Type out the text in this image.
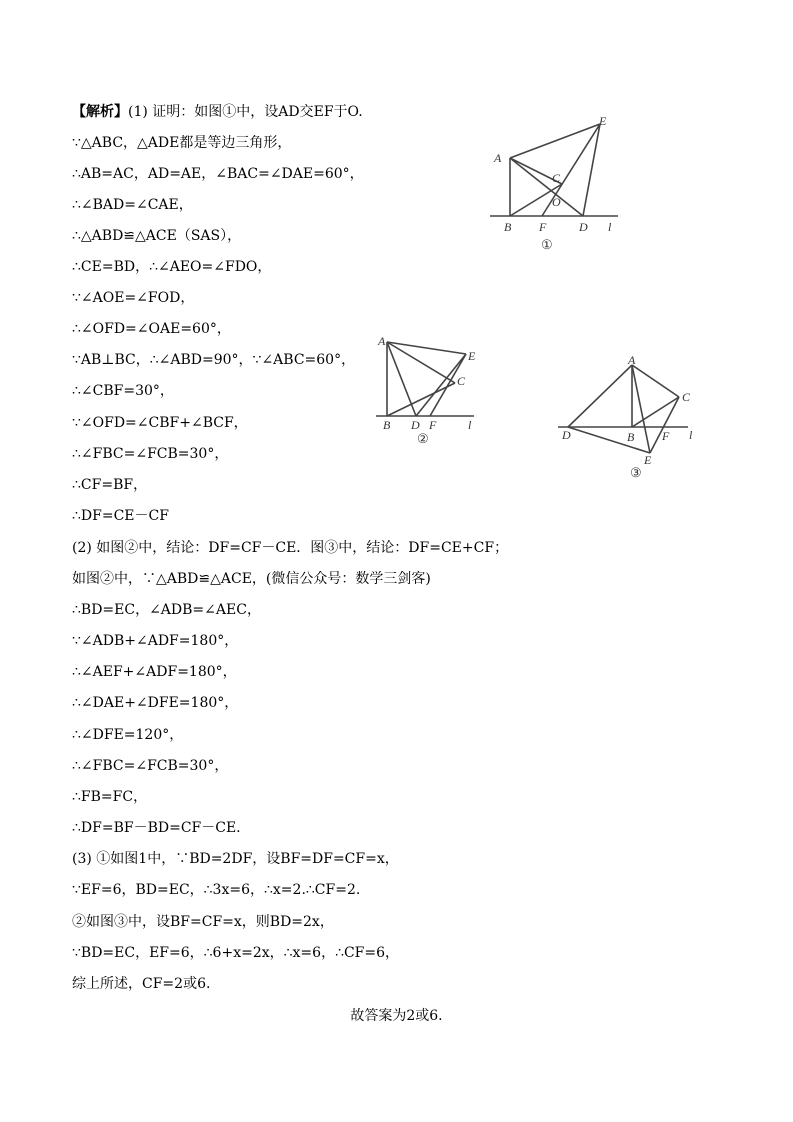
【解析】(1) 证明：如图①中，设AD交EF于O.
∵△ABC，△ADE都是等边三角形，
∴AB=AC，AD=AE，∠BAC=∠DAE=60°，
∴∠BAD=∠CAE，
∴△ABD≌△ACE（SAS），
∴CE=BD，∴∠AEO=∠FDO，
∵∠AOE=∠FOD，
∴∠OFD=∠OAE=60°，
∵AB⊥BC，∴∠ABD=90°，∵∠ABC=60°，
∴∠CBF=30°，
∵∠OFD=∠CBF+∠BCF，
∴∠FBC=∠FCB=30°，
∴CF=BF，
∴DF=CE－CF
(2) 如图②中，结论：DF=CF－CE．图③中，结论：DF=CE+CF；
如图②中，∵△ABD≌△ACE，(微信公众号：数学三剑客)
∴BD=EC，∠ADB=∠AEC，
∵∠ADB+∠ADF=180°，
∴∠AEF+∠ADF=180°，
∴∠DAE+∠DFE=180°，
∴∠DFE=120°，
∴∠FBC=∠FCB=30°，
∴FB=FC，
∴DF=BF－BD=CF－CE.
(3) ①如图1中，∵BD=2DF，设BF=DF=CF=x，
∵EF=6，BD=EC，∴3x=6，∴x=2.∴CF=2.
②如图③中，设BF=CF=x，则BD=2x，
∵BD=EC，EF=6，∴6+x=2x，∴x=6，∴CF=6，
综上所述，CF=2或6.
故答案为2或6.
A
B
C
D
E
F
O
l
①
A
B
C
D
E
F	l
②
A
B
C
D
E
F l
③
